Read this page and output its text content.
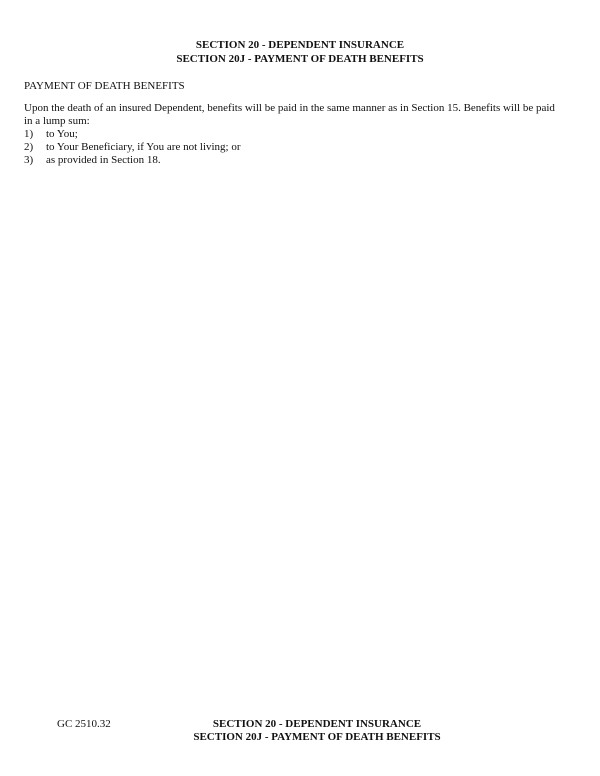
SECTION 20 - DEPENDENT INSURANCE
SECTION 20J - PAYMENT OF DEATH BENEFITS
PAYMENT OF DEATH BENEFITS

Upon the death of an insured Dependent, benefits will be paid in the same manner as in Section 15. Benefits will be paid in a lump sum:

1)	to You;
2)	to Your Beneficiary, if You are not living; or
3)	as provided in Section 18.
GC 2510.32	SECTION 20 - DEPENDENT INSURANCE
SECTION 20J - PAYMENT OF DEATH BENEFITS
